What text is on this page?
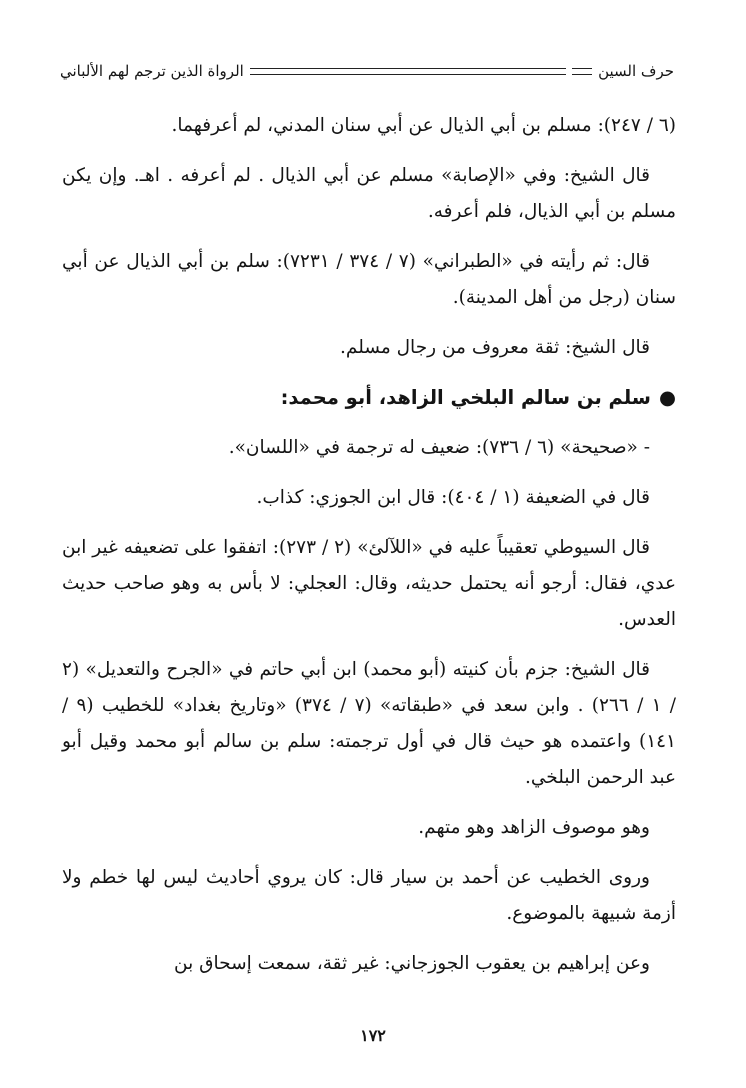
حرف السين
الرواة الذين ترجم لهم الألباني

(٦ / ٢٤٧): مسلم بن أبي الذيال عن أبي سنان المدني، لم أعرفهما.

قال الشيخ: وفي «الإصابة» مسلم عن أبي الذيال . لم أعرفه . اهـ. وإن يكن مسلم بن أبي الذيال، فلم أعرفه.

قال: ثم رأيته في «الطبراني» (٧ / ٣٧٤ / ٧٢٣١): سلم بن أبي الذيال عن أبي سنان (رجل من أهل المدينة).

قال الشيخ: ثقة معروف من رجال مسلم.

●سلم بن سالم البلخي الزاهد، أبو محمد:

- «صحيحة» (٦ / ٧٣٦): ضعيف له ترجمة في «اللسان».

قال في الضعيفة (١ / ٤٠٤): قال ابن الجوزي: كذاب.

قال السيوطي تعقيباً عليه في «اللآلئ» (٢ / ٢٧٣): اتفقوا على تضعيفه غير ابن عدي، فقال: أرجو أنه يحتمل حديثه، وقال: العجلي: لا بأس به وهو صاحب حديث العدس.

قال الشيخ: جزم بأن كنيته (أبو محمد) ابن أبي حاتم في «الجرح والتعديل» (٢ / ١ / ٢٦٦) . وابن سعد في «طبقاته» (٧ / ٣٧٤) «وتاريخ بغداد» للخطيب (٩ / ١٤١) واعتمده هو حيث قال في أول ترجمته: سلم بن سالم أبو محمد وقيل أبو عبد الرحمن البلخي.

وهو موصوف الزاهد وهو متهم.

وروى الخطيب عن أحمد بن سيار قال: كان يروي أحاديث ليس لها خطم ولا أزمة شبيهة بالموضوع.

وعن إبراهيم بن يعقوب الجوزجاني: غير ثقة، سمعت إسحاق بن

١٧٢
